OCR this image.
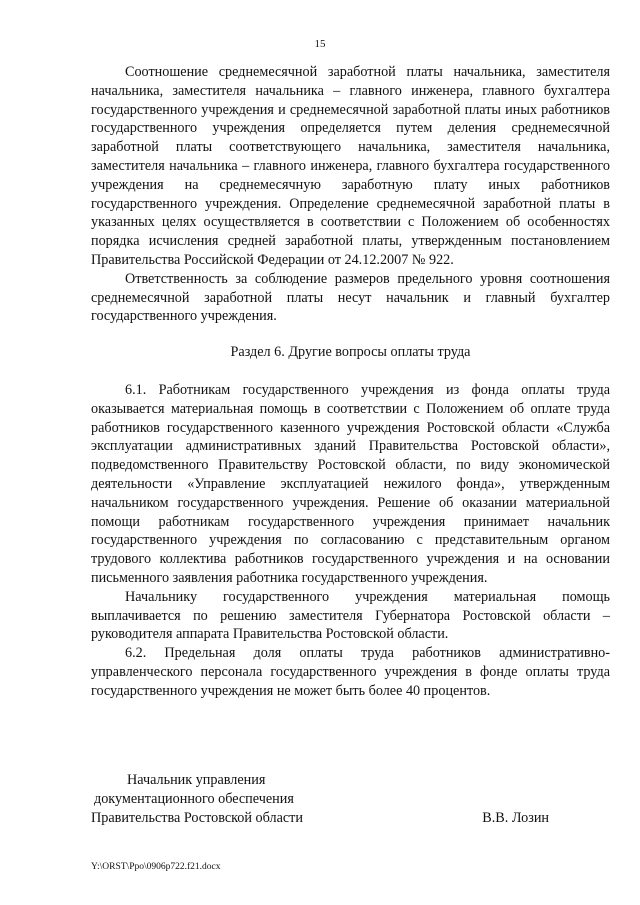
15

Соотношение среднемесячной заработной платы начальника, заместителя начальника, заместителя начальника – главного инженера, главного бухгалтера государственного учреждения и среднемесячной заработной платы иных работников государственного учреждения определяется путем деления среднемесячной заработной платы соответствующего начальника, заместителя начальника, заместителя начальника – главного инженера, главного бухгалтера государственного учреждения на среднемесячную заработную плату иных работников государственного учреждения. Определение среднемесячной заработной платы в указанных целях осуществляется в соответствии с Положением об особенностях порядка исчисления средней заработной платы, утвержденным постановлением Правительства Российской Федерации от 24.12.2007 № 922.

Ответственность за соблюдение размеров предельного уровня соотношения среднемесячной заработной платы несут начальник и главный бухгалтер государственного учреждения.

Раздел 6. Другие вопросы оплаты труда

6.1. Работникам государственного учреждения из фонда оплаты труда оказывается материальная помощь в соответствии с Положением об оплате труда работников государственного казенного учреждения Ростовской области «Служба эксплуатации административных зданий Правительства Ростовской области», подведомственного Правительству Ростовской области, по виду экономической деятельности «Управление эксплуатацией нежилого фонда», утвержденным начальником государственного учреждения. Решение об оказании материальной помощи работникам государственного учреждения принимает начальник государственного учреждения по согласованию с представительным органом трудового коллектива работников государственного учреждения и на основании письменного заявления работника государственного учреждения.

Начальнику государственного учреждения материальная помощь выплачивается по решению заместителя Губернатора Ростовской области – руководителя аппарата Правительства Ростовской области.

6.2. Предельная доля оплаты труда работников административно-управленческого персонала государственного учреждения в фонде оплаты труда государственного учреждения не может быть более 40 процентов.

Начальник управления
документационного обеспечения
Правительства Ростовской области	В.В. Лозин
Y:\ORST\Ppo\0906p722.f21.docx
